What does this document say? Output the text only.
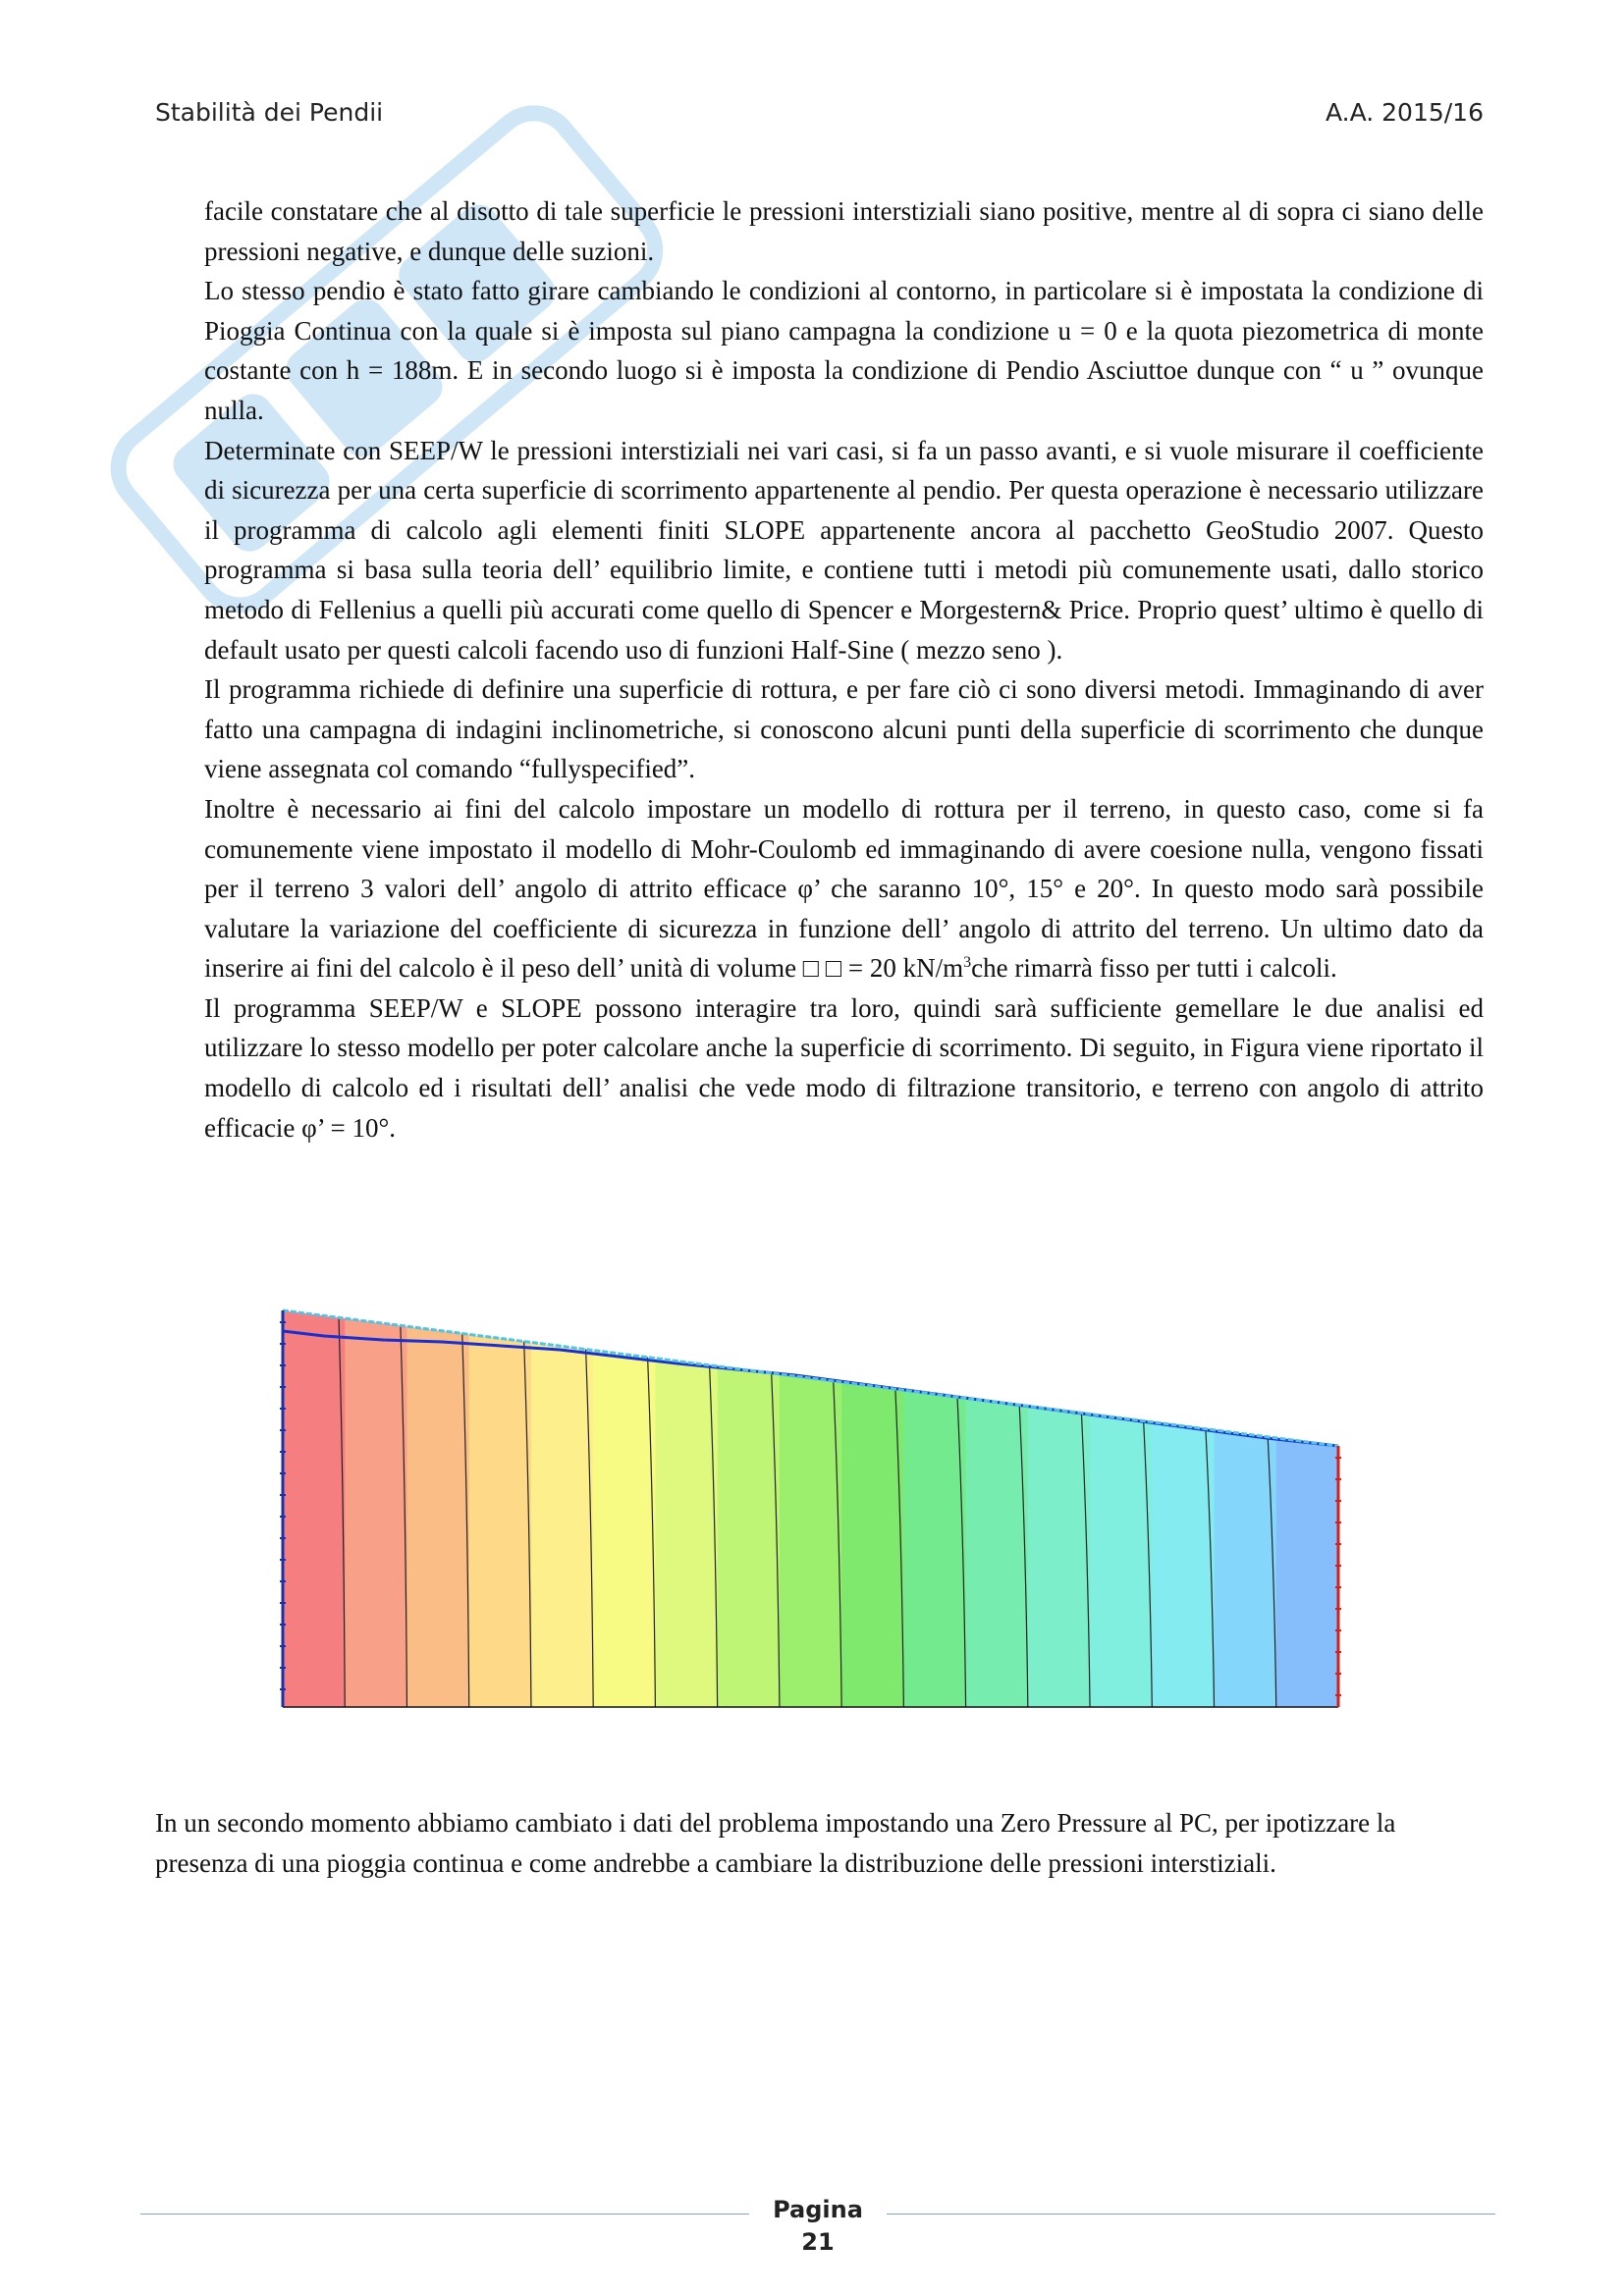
Stabilità dei Pendii	A.A. 2015/16

facile constatare che al disotto di tale superficie le pressioni interstiziali siano positive, mentre al di sopra ci siano delle pressioni negative, e dunque delle suzioni.

Lo stesso pendio è stato fatto girare cambiando le condizioni al contorno, in particolare si è impostata la condizione di Pioggia Continua con la quale si è imposta sul piano campagna la condizione u = 0 e la quota piezometrica di monte costante con h = 188m. E in secondo luogo si è imposta la condizione di Pendio Asciuttoe dunque con “ u ” ovunque nulla.

Determinate con SEEP/W le pressioni interstiziali nei vari casi, si fa un passo avanti, e si vuole misurare il coefficiente di sicurezza per una certa superficie di scorrimento appartenente al pendio. Per questa operazione è necessario utilizzare il programma di calcolo agli elementi finiti SLOPE appartenente ancora al pacchetto GeoStudio 2007. Questo programma si basa sulla teoria dell’ equilibrio limite, e contiene tutti i metodi più comunemente usati, dallo storico metodo di Fellenius a quelli più accurati come quello di Spencer e Morgestern& Price. Proprio quest’ ultimo è quello di default usato per questi calcoli facendo uso di funzioni Half-Sine ( mezzo seno ).

Il programma richiede di definire una superficie di rottura, e per fare ciò ci sono diversi metodi. Immaginando di aver fatto una campagna di indagini inclinometriche, si conoscono alcuni punti della superficie di scorrimento che dunque viene assegnata col comando “fullyspecified”.

Inoltre è necessario ai fini del calcolo impostare un modello di rottura per il terreno, in questo caso, come si fa comunemente viene impostato il modello di Mohr-Coulomb ed immaginando di avere coesione nulla, vengono fissati per il terreno 3 valori dell’ angolo di attrito efficace φ’ che saranno 10°, 15° e 20°. In questo modo sarà possibile valutare la variazione del coefficiente di sicurezza in funzione dell’ angolo di attrito del terreno. Un ultimo dato da inserire ai fini del calcolo è il peso dell’ unità di volume □ □ = 20 $kN/m^3che$ rimarrà fisso per tutti i calcoli.

Il programma SEEP/W e SLOPE possono interagire tra loro, quindi sarà sufficiente gemellare le due analisi ed utilizzare lo stesso modello per poter calcolare anche la superficie di scorrimento. Di seguito, in Figura viene riportato il modello di calcolo ed i risultati dell’ analisi che vede modo di filtrazione transitorio, e terreno con angolo di attrito efficacie φ’ = 10°.

In un secondo momento abbiamo cambiato i dati del problema impostando una Zero Pressure al PC, per ipotizzare la presenza di una pioggia continua e come andrebbe a cambiare la distribuzione delle pressioni interstiziali.

Pagina
21
